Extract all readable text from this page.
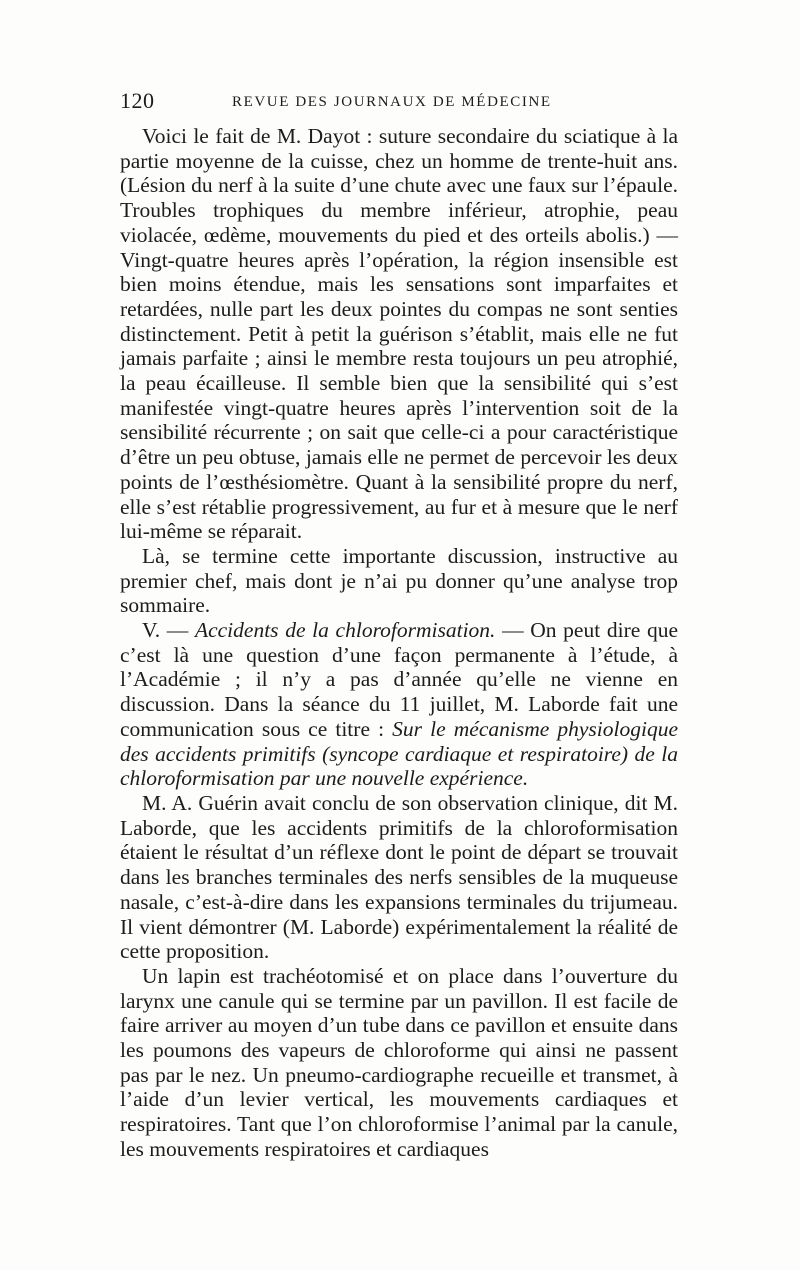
120	REVUE DES JOURNAUX DE MÉDECINE

Voici le fait de M. Dayot : suture secondaire du sciatique à la partie moyenne de la cuisse, chez un homme de trente-huit ans. (Lésion du nerf à la suite d’une chute avec une faux sur l’épaule. Troubles trophiques du membre inférieur, atrophie, peau violacée, œdème, mouvements du pied et des orteils abolis.) — Vingt-quatre heures après l’opération, la région insensible est bien moins étendue, mais les sensations sont imparfaites et retardées, nulle part les deux pointes du compas ne sont senties distinctement. Petit à petit la guérison s’établit, mais elle ne fut jamais parfaite ; ainsi le membre resta toujours un peu atrophié, la peau écailleuse. Il semble bien que la sensibilité qui s’est manifestée vingt-quatre heures après l’intervention soit de la sensibilité récurrente ; on sait que celle-ci a pour caractéristique d’être un peu obtuse, jamais elle ne permet de percevoir les deux points de l’œsthésiomètre. Quant à la sensibilité propre du nerf, elle s’est rétablie progressivement, au fur et à mesure que le nerf lui-même se réparait.

Là, se termine cette importante discussion, instructive au premier chef, mais dont je n’ai pu donner qu’une analyse trop sommaire.

V. — Accidents de la chloroformisation. — On peut dire que c’est là une question d’une façon permanente à l’étude, à l’Académie ; il n’y a pas d’année qu’elle ne vienne en discussion. Dans la séance du 11 juillet, M. Laborde fait une communication sous ce titre : Sur le mécanisme physiologique des accidents primitifs (syncope cardiaque et respiratoire) de la chloroformisation par une nouvelle expérience.

M. A. Guérin avait conclu de son observation clinique, dit M. Laborde, que les accidents primitifs de la chloroformisation étaient le résultat d’un réflexe dont le point de départ se trouvait dans les branches terminales des nerfs sensibles de la muqueuse nasale, c’est-à-dire dans les expansions terminales du trijumeau. Il vient démontrer (M. Laborde) expérimentalement la réalité de cette proposition.

Un lapin est trachéotomisé et on place dans l’ouverture du larynx une canule qui se termine par un pavillon. Il est facile de faire arriver au moyen d’un tube dans ce pavillon et ensuite dans les poumons des vapeurs de chloroforme qui ainsi ne passent pas par le nez. Un pneumo-cardiographe recueille et transmet, à l’aide d’un levier vertical, les mouvements cardiaques et respiratoires. Tant que l’on chloroformise l’animal par la canule, les mouvements respiratoires et cardiaques
